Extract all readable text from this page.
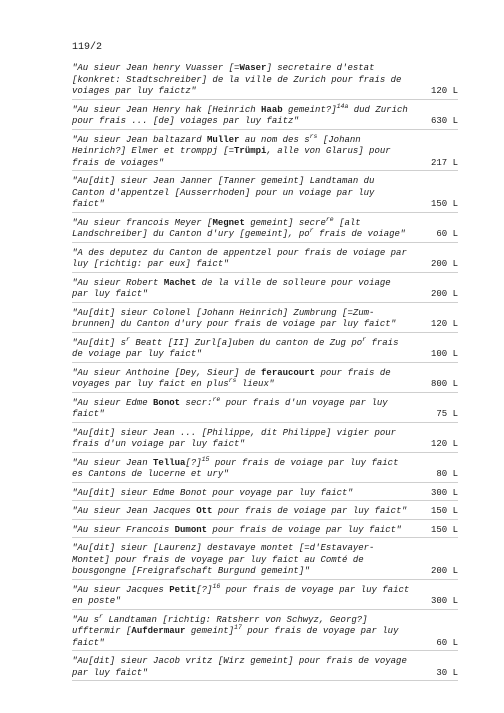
119/2
"Au sieur Jean henry Vuasser [=Waser] secretaire d'estat [konkret: Stadtschreiber] de la ville de Zurich pour frais de voiages par luy faictz"	120 L
"Au sieur Jean Henry hak [Heinrich Haab gemeint?]$^{14a}$ dud Zurich pour frais ... [de] voiages par luy faitz"	630 L
"Au sieur Jean baltazard Muller au nom des $s^{rs}$ [Johann Heinrich?] Elmer et tromppj [=Trümpi, alle von Glarus] pour frais de voiages"	217 L
"Au[dit] sieur Jean Janner [Tanner gemeint] Landtaman du Canton d'appentzel [Ausserrhoden] pour un voiage par luy faict"	150 L
"Au sieur francois Meyer [Megnet gemeint] secre$^{re}$ [alt Landschreiber] du Canton d'ury [gemeint], $po^r$ frais de voiage"	60 L
"A des deputez du Canton de appentzel pour frais de voiage par luy [richtig: par eux] faict"	200 L
"Au sieur Robert Machet de la ville de solleure pour voiage par luy faict"	200 L
"Au[dit] sieur Colonel [Johann Heinrich] Zumbrung [=Zum-brunnen] du Canton d'ury pour frais de voiage par luy faict"	120 L
"Au[dit] $s^r$ Beatt [II] Zurl[a]uben du canton de Zug $po^r$ frais de voiage par luy faict"	100 L
"Au sieur Anthoine [Dey, Sieur] de feraucourt pour frais de voyages par luy faict en plus$^{rs}$ lieux"	800 L
"Au sieur Edme Bonot secr:$^{re}$ pour frais d'un voyage par luy faict"	75 L
"Au[dit] sieur Jean ... [Philippe, dit Philippe] vigier pour frais d'un voiage par luy faict"	120 L
"Au sieur Jean Tellua[?]$^{15}$ pour frais de voiage par luy faict es Cantons de lucerne et ury"	80 L
"Au[dit] sieur Edme Bonot pour voyage par luy faict"	300 L
"Au sieur Jean Jacques Ott pour frais de voiage par luy faict"	150 L
"Au sieur Francois Dumont pour frais de voiage par luy faict"	150 L
"Au[dit] sieur [Laurenz] destavaye montet [=d'Estavayer-Montet] pour frais de voyage par luy faict au Comté de bousgongne [Freigrafschaft Burgund gemeint]"	200 L
"Au sieur Jacques Petit[?]$^{16}$ pour frais de voyage par luy faict en poste"	300 L
"Au $s^r$ Landtaman [richtig: Ratsherr von Schwyz, Georg?] ufftermir [Aufdermaur gemeint]$^{17}$ pour frais de voyage par luy faict"	60 L
"Au[dit] sieur Jacob vritz [Wirz gemeint] pour frais de voyage par luy faict"	30 L
